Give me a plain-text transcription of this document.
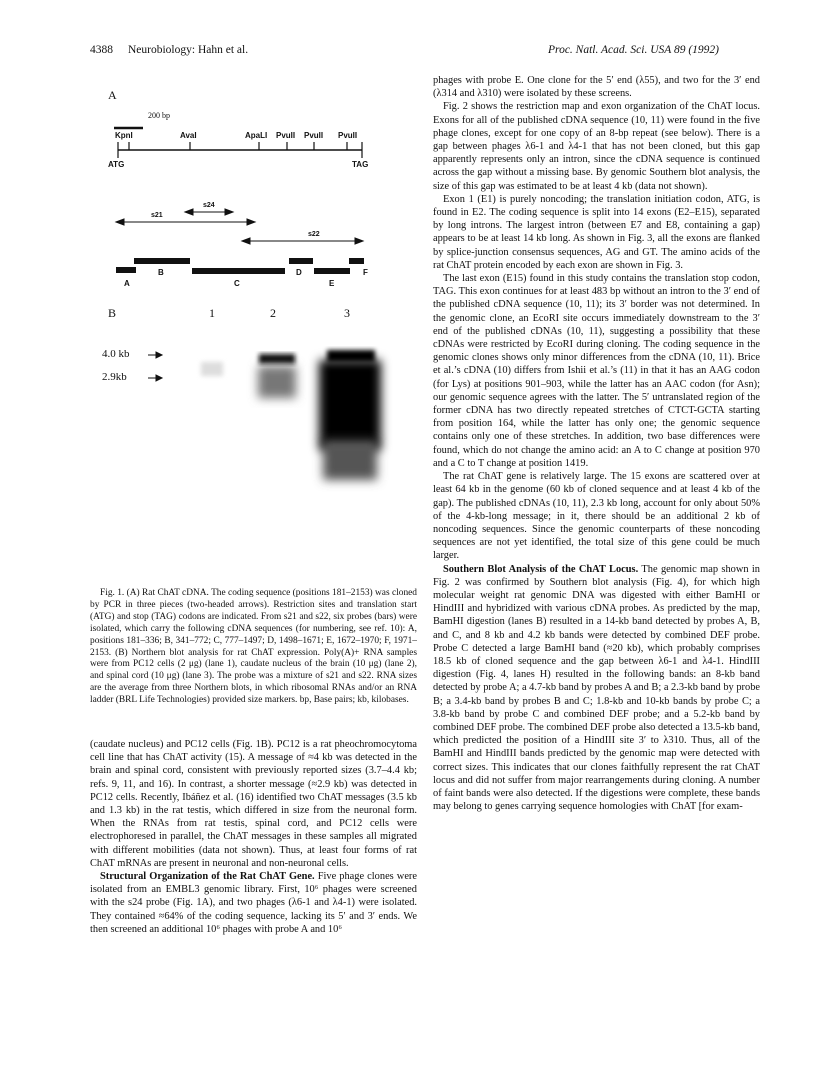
4388 Neurobiology: Hahn et al.	Proc. Natl. Acad. Sci. USA 89 (1992)
A
B
200 bp
KpnI	AvaI	ApaLI PvuII PvuII PvuII
ATG	TAG
s21
s24
s22
A
B
C
D
E
F
1	2	3
4.0 kb
2.9kb

Fig. 1. (A) Rat ChAT cDNA. The coding sequence (positions 181–2153) was cloned by PCR in three pieces (two-headed arrows). Restriction sites and translation start (ATG) and stop (TAG) codons are indicated. From s21 and s22, six probes (bars) were isolated, which carry the following cDNA sequences (for numbering, see ref. 10): A, positions 181–336; B, 341–772; C, 777–1497; D, 1498–1671; E, 1672–1970; F, 1971–2153. (B) Northern blot analysis for rat ChAT expression. Poly(A)+ RNA samples were from PC12 cells (2 μg) (lane 1), caudate nucleus of the brain (10 μg) (lane 2), and spinal cord (10 μg) (lane 3). The probe was a mixture of s21 and s22. RNA sizes are the average from three Northern blots, in which ribosomal RNAs and/or an RNA ladder (BRL Life Technologies) provided size markers. bp, Base pairs; kb, kilobases.

(caudate nucleus) and PC12 cells (Fig. 1B). PC12 is a rat pheochromocytoma cell line that has ChAT activity (15). A message of ≈4 kb was detected in the brain and spinal cord, consistent with previously reported sizes (3.7–4.4 kb; refs. 9, 11, and 16). In contrast, a shorter message (≈2.9 kb) was detected in PC12 cells. Recently, Ibáñez et al. (16) identified two ChAT messages (3.5 kb and 1.3 kb) in the rat testis, which differed in size from the neuronal form. When the RNAs from rat testis, spinal cord, and PC12 cells were electrophoresed in parallel, the ChAT messages in these samples all migrated with different mobilities (data not shown). Thus, at least four forms of rat ChAT mRNAs are present in neuronal and non-neuronal cells.

Structural Organization of the Rat ChAT Gene. Five phage clones were isolated from an EMBL3 genomic library. First, 10⁶ phages were screened with the s24 probe (Fig. 1A), and two phages (λ6-1 and λ4-1) were isolated. They contained ≈64% of the coding sequence, lacking its 5′ and 3′ ends. We then screened an additional 10⁶ phages with probe A and 10⁶

phages with probe E. One clone for the 5′ end (λ55), and two for the 3′ end (λ314 and λ310) were isolated by these screens.

Fig. 2 shows the restriction map and exon organization of the ChAT locus. Exons for all of the published cDNA sequence (10, 11) were found in the five phage clones, except for one copy of an 8-bp repeat (see below). There is a gap between phages λ6-1 and λ4-1 that has not been cloned, but this gap apparently represents only an intron, since the cDNA sequence is continued across the gap without a missing base. By genomic Southern blot analysis, the size of this gap was estimated to be at least 4 kb (data not shown).

Exon 1 (E1) is purely noncoding; the translation initiation codon, ATG, is found in E2. The coding sequence is split into 14 exons (E2–E15), separated by long introns. The largest intron (between E7 and E8, containing a gap) appears to be at least 14 kb long. As shown in Fig. 3, all the exons are flanked by splice-junction consensus sequences, AG and GT. The amino acids of the rat ChAT protein encoded by each exon are shown in Fig. 3.

The last exon (E15) found in this study contains the translation stop codon, TAG. This exon continues for at least 483 bp without an intron to the 3′ end of the published cDNA sequence (10, 11); its 3′ border was not determined. In the genomic clone, an EcoRI site occurs immediately downstream to the 3′ end of the published cDNAs (10, 11), suggesting a possibility that these cDNAs were restricted by EcoRI during cloning. The coding sequence in the genomic clones shows only minor differences from the cDNA (10, 11). Brice et al.’s cDNA (10) differs from Ishii et al.’s (11) in that it has an AAG codon (for Lys) at positions 901–903, while the latter has an AAC codon (for Asn); our genomic sequence agrees with the latter. The 5′ untranslated region of the former cDNA has two directly repeated stretches of CTCT-GCTA starting from position 164, while the latter has only one; the genomic sequence contains only one of these stretches. In addition, two base differences were found, which do not change the amino acid: an A to C change at position 970 and a C to T change at position 1419.

The rat ChAT gene is relatively large. The 15 exons are scattered over at least 64 kb in the genome (60 kb of cloned sequence and at least 4 kb of the gap). The published cDNAs (10, 11), 2.3 kb long, account for only about 50% of the 4-kb-long message; in it, there should be an additional 2 kb of noncoding sequences. Since the genomic counterparts of these noncoding sequences are not yet identified, the total size of this gene could be much larger.

Southern Blot Analysis of the ChAT Locus. The genomic map shown in Fig. 2 was confirmed by Southern blot analysis (Fig. 4), for which high molecular weight rat genomic DNA was digested with either BamHI or HindIII and hybridized with various cDNA probes. As predicted by the map, BamHI digestion (lanes B) resulted in a 14-kb band detected by probes A, B, and C, and 8 kb and 4.2 kb bands were detected by combined DEF probe. Probe C detected a large BamHI band (≈20 kb), which probably comprises 18.5 kb of cloned sequence and the gap between λ6-1 and λ4-1. HindIII digestion (Fig. 4, lanes H) resulted in the following bands: an 8-kb band detected by probe A; a 4.7-kb band by probes A and B; a 2.3-kb band by probe B; a 3.4-kb band by probes B and C; 1.8-kb and 10-kb bands by probe C; a 3.8-kb band by probe C and combined DEF probe; and a 5.2-kb band by combined DEF probe. The combined DEF probe also detected a 13.5-kb band, which predicted the position of a HindIII site 3′ to λ310. Thus, all of the BamHI and HindIII bands predicted by the genomic map were detected with correct sizes. This indicates that our clones faithfully represent the rat ChAT locus and did not suffer from major rearrangements during cloning. A number of faint bands were also detected. If the digestions were complete, these bands may belong to genes carrying sequence homologies with ChAT [for exam-
